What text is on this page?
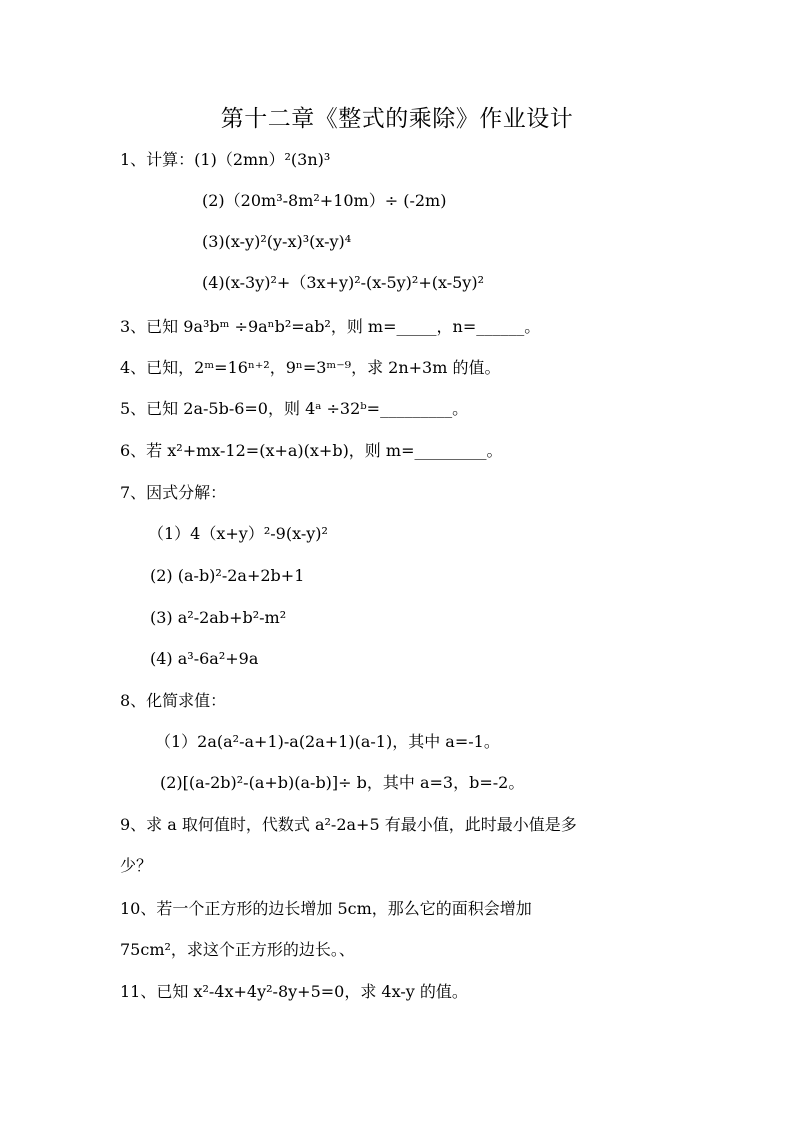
第十二章《整式的乘除》作业设计
1、计算：(1)（2mn）²(3n)³
(2)（20m³-8m²+10m）÷ (-2m)
(3)(x-y)²(y-x)³(x-y)⁴
(4)(x-3y)²+（3x+y)²-(x-5y)²+(x-5y)²
3、已知 9a³bᵐ ÷9aⁿb²=ab²，则 m=_____，n=______。
4、已知，2ᵐ=16ⁿ⁺²，9ⁿ=3ᵐ⁻⁹，求 2n+3m 的值。
5、已知 2a-5b-6=0，则 4ᵃ ÷32ᵇ=_________。
6、若 x²+mx-12=(x+a)(x+b)，则 m=_________。
7、因式分解：
（1）4（x+y）²-9(x-y)²
(2) (a-b)²-2a+2b+1
(3) a²-2ab+b²-m²
(4) a³-6a²+9a
8、化简求值：
（1）2a(a²-a+1)-a(2a+1)(a-1)，其中 a=-1。
(2)[(a-2b)²-(a+b)(a-b)]÷ b，其中 a=3，b=-2。
9、求 a 取何值时，代数式 a²-2a+5 有最小值，此时最小值是多
少？
10、若一个正方形的边长增加 5cm，那么它的面积会增加
75cm²，求这个正方形的边长。、
11、已知 x²-4x+4y²-8y+5=0，求 4x-y 的值。
